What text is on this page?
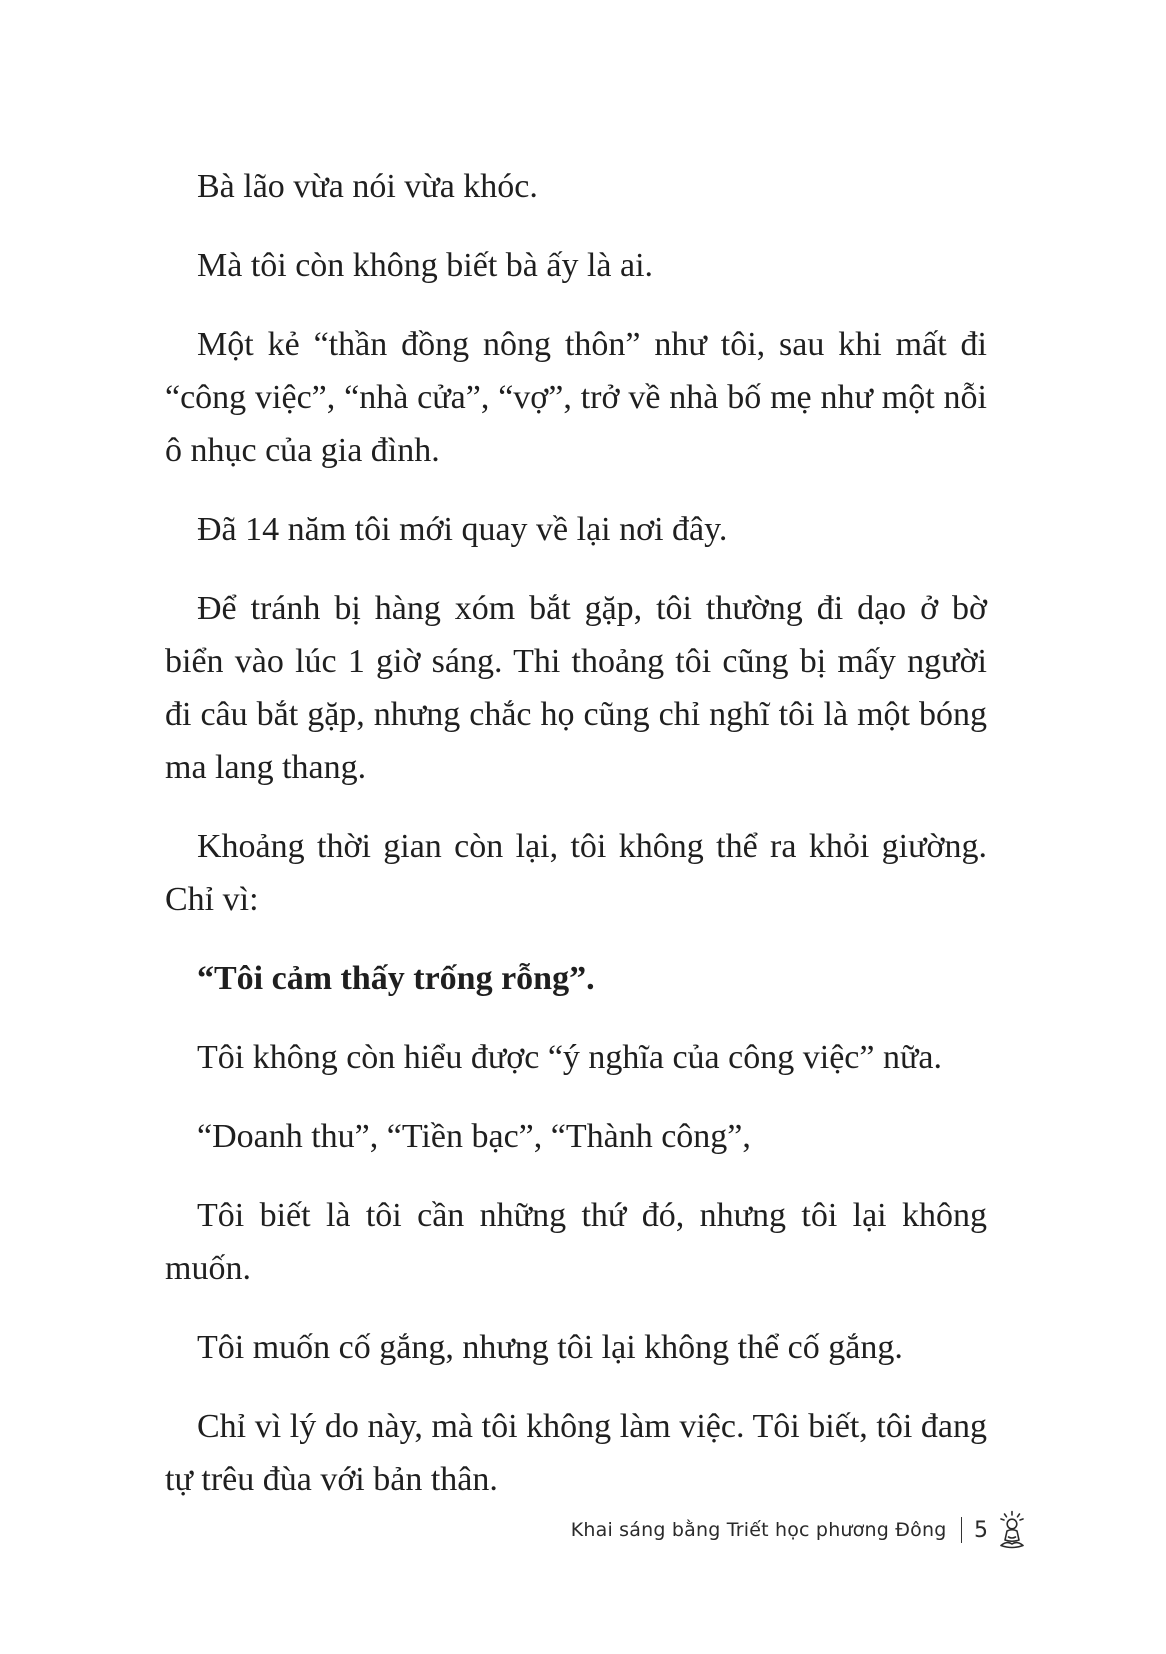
Bà lão vừa nói vừa khóc.

Mà tôi còn không biết bà ấy là ai.

Một kẻ “thần đồng nông thôn” như tôi, sau khi mất đi “công việc”, “nhà cửa”, “vợ”, trở về nhà bố mẹ như một nỗi ô nhục của gia đình.

Đã 14 năm tôi mới quay về lại nơi đây.

Để tránh bị hàng xóm bắt gặp, tôi thường đi dạo ở bờ biển vào lúc 1 giờ sáng. Thi thoảng tôi cũng bị mấy người đi câu bắt gặp, nhưng chắc họ cũng chỉ nghĩ tôi là một bóng ma lang thang.

Khoảng thời gian còn lại, tôi không thể ra khỏi giường. Chỉ vì:

“Tôi cảm thấy trống rỗng”.

Tôi không còn hiểu được “ý nghĩa của công việc” nữa.

“Doanh thu”, “Tiền bạc”, “Thành công”,

Tôi biết là tôi cần những thứ đó, nhưng tôi lại không muốn.

Tôi muốn cố gắng, nhưng tôi lại không thể cố gắng.

Chỉ vì lý do này, mà tôi không làm việc. Tôi biết, tôi đang tự trêu đùa với bản thân.

Khai sáng bằng Triết học phương Đông 5
